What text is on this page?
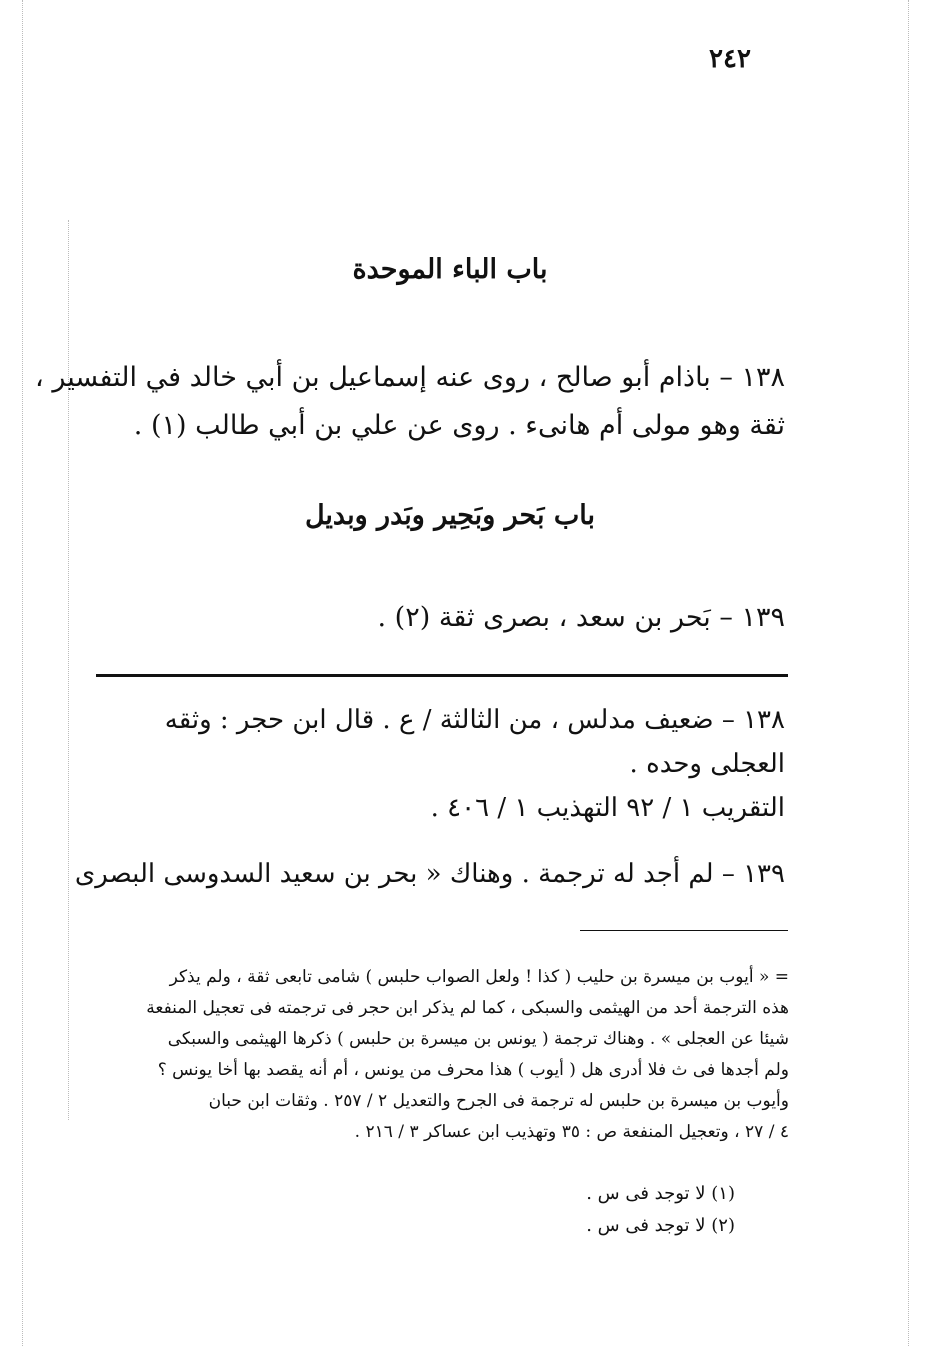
٢٤٢
باب الباء الموحدة
١٣٨ – باذام أبو صالح ، روى عنه إسماعيل بن أبي خالد في التفسير ،
ثقة وهو مولى أم هانىء . روى عن علي بن أبي طالب (١) .
باب بَحر وبَحِير وبَدر وبديل
١٣٩ – بَحر بن سعد ، بصرى ثقة (٢) .
١٣٨ – ضعيف مدلس ، من الثالثة / ع . قال ابن حجر : وثقه
العجلى وحده .
التقريب ١ / ٩٢ التهذيب ١ / ٤٠٦ .
١٣٩ – لم أجد له ترجمة . وهناك « بحر بن سعيد السدوسى البصرى
= « أيوب بن ميسرة بن حليب ( كذا ! ولعل الصواب حلبس ) شامى تابعى ثقة ، ولم يذكر
هذه الترجمة أحد من الهيثمى والسبكى ، كما لم يذكر ابن حجر فى ترجمته فى تعجيل المنفعة
شيئا عن العجلى » . وهناك ترجمة ( يونس بن ميسرة بن حلبس ) ذكرها الهيثمى والسبكى
ولم أجدها فى ث فلا أدرى هل ( أيوب ) هذا محرف من يونس ، أم أنه يقصد بها أخا يونس ؟
وأيوب بن ميسرة بن حلبس له ترجمة فى الجرح والتعديل ٢ / ٢٥٧ . وثقات ابن حبان
٤ / ٢٧ ، وتعجيل المنفعة ص : ٣٥ وتهذيب ابن عساكر ٣ / ٢١٦ .
(١) لا توجد فى س .
(٢) لا توجد فى س .
